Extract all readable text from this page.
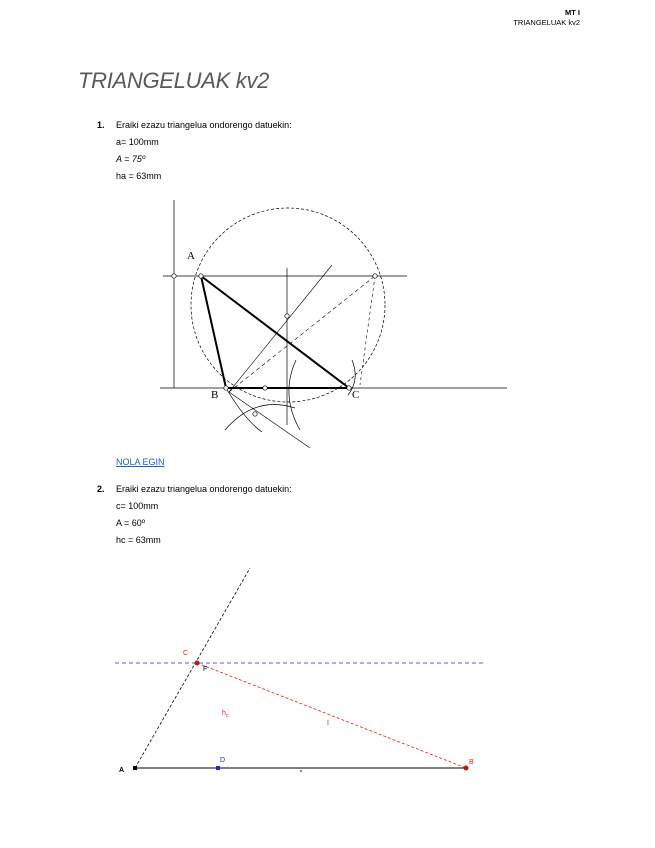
MT I
TRIANGELUAK kv2
TRIANGELUAK kv2
1. Eraiki ezazu triangelua ondorengo datuekin:
a= 100mm
A = 75º
ha = 63mm
NOLA EGIN
2. Eraiki ezazu triangelua ondorengo datuekin:
c= 100mm
A = 60º
hc = 63mm
A
B	C
A
D
C
F
B
I
$h_c$
